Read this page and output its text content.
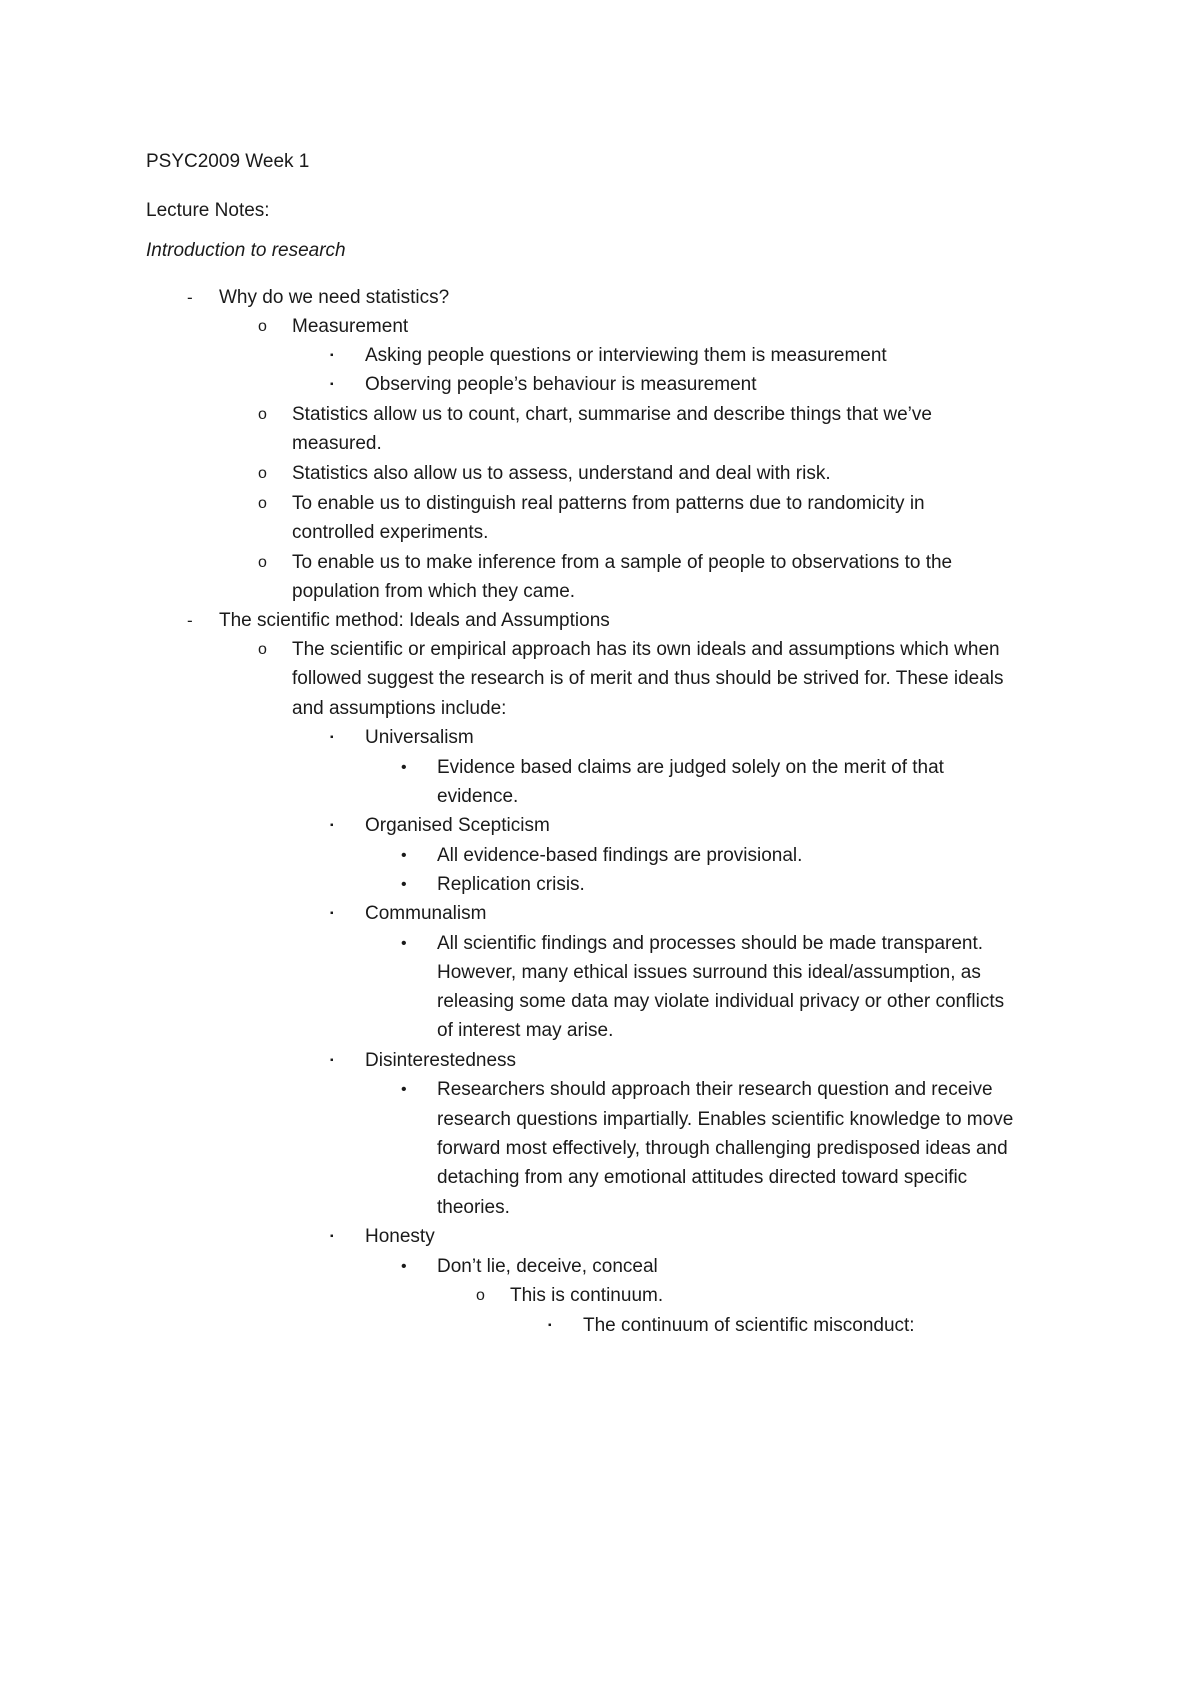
PSYC2009 Week 1
Lecture Notes:
Introduction to research
- Why do we need statistics?
o Measurement
▪ Asking people questions or interviewing them is measurement
▪ Observing people’s behaviour is measurement
o Statistics allow us to count, chart, summarise and describe things that we’ve
measured.
o Statistics also allow us to assess, understand and deal with risk.
o To enable us to distinguish real patterns from patterns due to randomicity in
controlled experiments.
o To enable us to make inference from a sample of people to observations to the
population from which they came.
- The scientific method: Ideals and Assumptions
o The scientific or empirical approach has its own ideals and assumptions which when
followed suggest the research is of merit and thus should be strived for. These ideals
and assumptions include:
▪ Universalism
• Evidence based claims are judged solely on the merit of that
evidence.
▪ Organised Scepticism
• All evidence-based findings are provisional.
• Replication crisis.
▪ Communalism
• All scientific findings and processes should be made transparent.
However, many ethical issues surround this ideal/assumption, as
releasing some data may violate individual privacy or other conflicts
of interest may arise.
▪ Disinterestedness
• Researchers should approach their research question and receive
research questions impartially. Enables scientific knowledge to move
forward most effectively, through challenging predisposed ideas and
detaching from any emotional attitudes directed toward specific
theories.
▪ Honesty
• Don’t lie, deceive, conceal
o This is continuum.
▪ The continuum of scientific misconduct:
